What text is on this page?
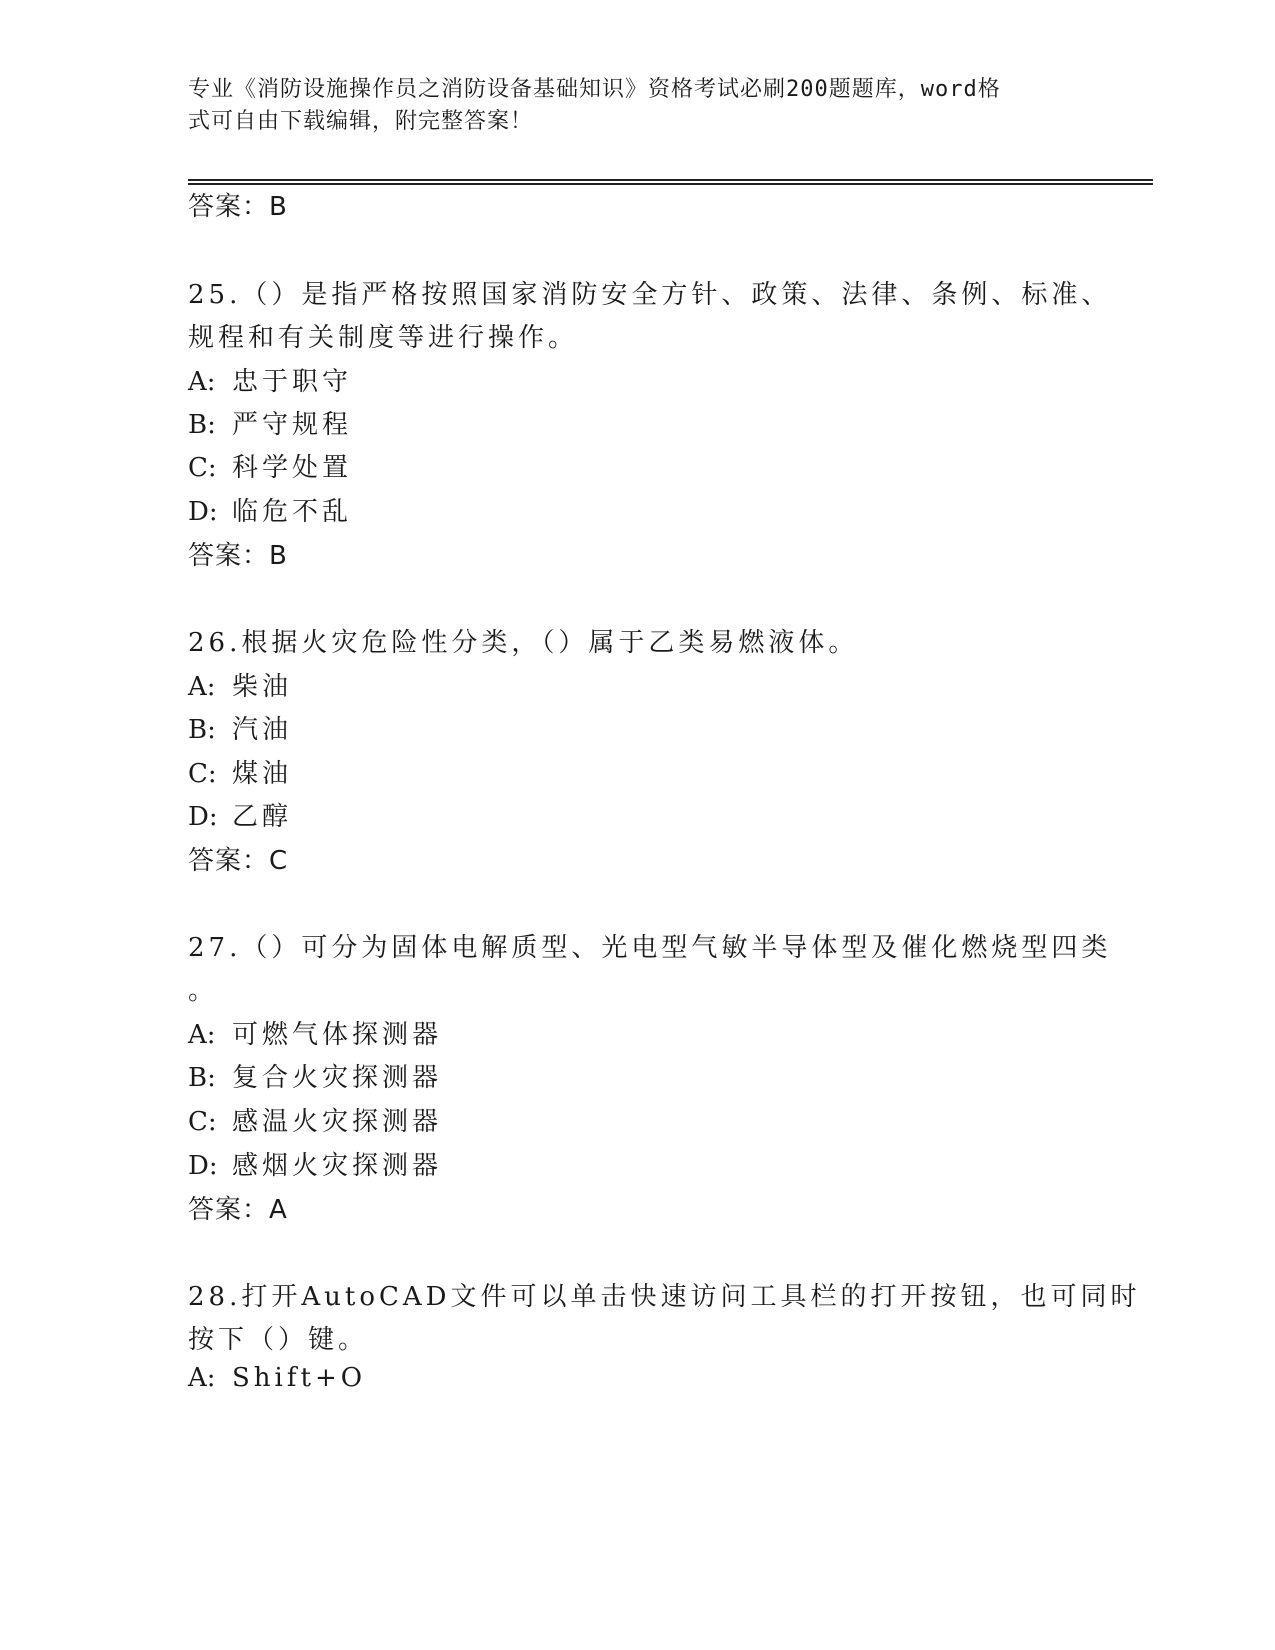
专业《消防设施操作员之消防设备基础知识》资格考试必刷200题题库，word格
式可自由下载编辑，附完整答案！
答案：B
25.（）是指严格按照国家消防安全方针、政策、法律、条例、标准、
规程和有关制度等进行操作。
A: 忠于职守
B: 严守规程
C: 科学处置
D: 临危不乱
答案：B
26.根据火灾危险性分类，（）属于乙类易燃液体。
A: 柴油
B: 汽油
C: 煤油
D: 乙醇
答案：C
27.（）可分为固体电解质型、光电型气敏半导体型及催化燃烧型四类
。
A: 可燃气体探测器
B: 复合火灾探测器
C: 感温火灾探测器
D: 感烟火灾探测器
答案：A
28.打开AutoCAD文件可以单击快速访问工具栏的打开按钮，也可同时
按下（）键。
A: Shift+O
